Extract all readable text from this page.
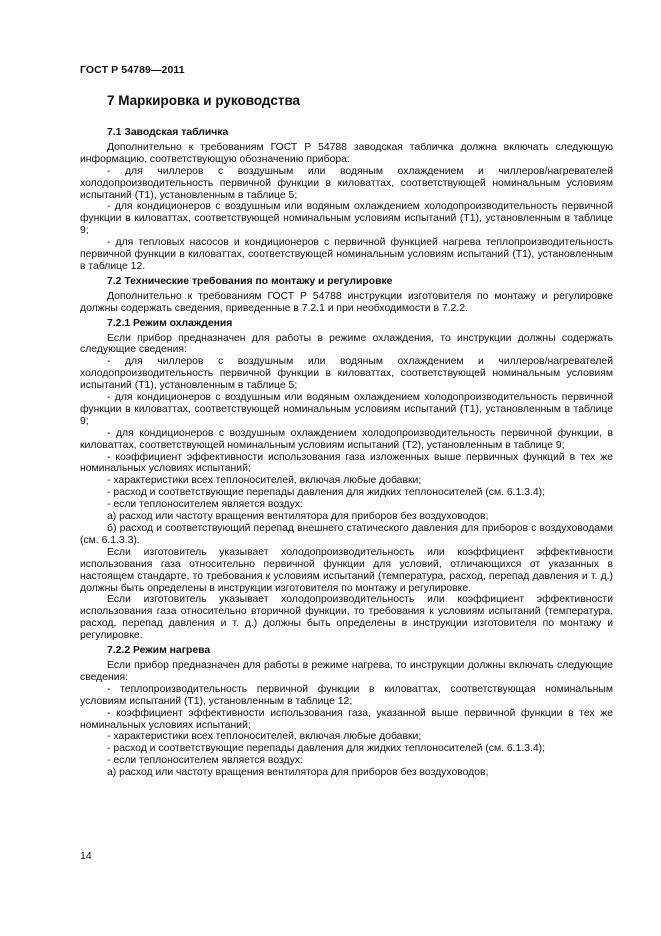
ГОСТ Р 54789—2011
7 Маркировка и руководства
7.1 Заводская табличка

Дополнительно к требованиям ГОСТ Р 54788 заводская табличка должна включать следующую информацию, соответствующую обозначению прибора:

- для чиллеров с воздушным или водяным охлаждением и чиллеров/нагревателей холодопроизводительность первичной функции в киловаттах, соответствующей номинальным условиям испытаний (Т1), установленным в таблице 5;

- для кондиционеров с воздушным или водяным охлаждением холодопроизводительность первичной функции в киловаттах, соответствующей номинальным условиям испытаний (Т1), установленным в таблице 9;

- для тепловых насосов и кондиционеров с первичной функцией нагрева теплопроизводительность первичной функции в киловаттах, соответствующей номинальным условиям испытаний (Т1), установленным в таблице 12.

7.2 Технические требования по монтажу и регулировке

Дополнительно к требованиям ГОСТ Р 54788 инструкции изготовителя по монтажу и регулировке должны содержать сведения, приведенные в 7.2.1 и при необходимости в 7.2.2.

7.2.1 Режим охлаждения

Если прибор предназначен для работы в режиме охлаждения, то инструкции должны содержать следующие сведения:

- для чиллеров с воздушным или водяным охлаждением и чиллеров/нагревателей холодопроизводительность первичной функции в киловаттах, соответствующей номинальным условиям испытаний (Т1), установленным в таблице 5;

- для кондиционеров с воздушным или водяным охлаждением холодопроизводительность первичной функции в киловаттах, соответствующей номинальным условиям испытаний (Т1), установленным в таблице 9;

- для кондиционеров с воздушным охлаждением холодопроизводительность первичной функции, в киловаттах, соответствующей номинальным условиям испытаний (Т2), установленным в таблице 9;

- коэффициент эффективности использования газа изложенных выше первичных функций в тех же номинальных условиях испытаний;

- характеристики всех теплоносителей, включая любые добавки;

- расход и соответствующие перепады давления для жидких теплоносителей (см. 6.1.3.4);

- если теплоносителем является воздух:

а) расход или частоту вращения вентилятора для приборов без воздуховодов;

б) расход и соответствующий перепад внешнего статического давления для приборов с воздуховодами (см. 6.1.3.3).

Если изготовитель указывает холодопроизводительность или коэффициент эффективности использования газа относительно первичной функции для условий, отличающихся от указанных в настоящем стандарте, то требования к условиям испытаний (температура, расход, перепад давления и т. д.) должны быть определены в инструкции изготовителя по монтажу и регулировке.

Если изготовитель указывает холодопроизводительность или коэффициент эффективности использования газа относительно вторичной функции, то требования к условиям испытаний (температура, расход, перепад давления и т. д.) должны быть определены в инструкции изготовителя по монтажу и регулировке.

7.2.2 Режим нагрева

Если прибор предназначен для работы в режиме нагрева, то инструкции должны включать следующие сведения:

- теплопроизводительность первичной функции в киловаттах, соответствующая номинальным условиям испытаний (Т1), установленным в таблице 12;

- коэффициент эффективности использования газа, указанной выше первичной функции в тех же номинальных условиях испытаний;

- характеристики всех теплоносителей, включая любые добавки;

- расход и соответствующие перепады давления для жидких теплоносителей (см. 6.1.3.4);

- если теплоносителем является воздух:

а) расход или частоту вращения вентилятора для приборов без воздуховодов;

14
